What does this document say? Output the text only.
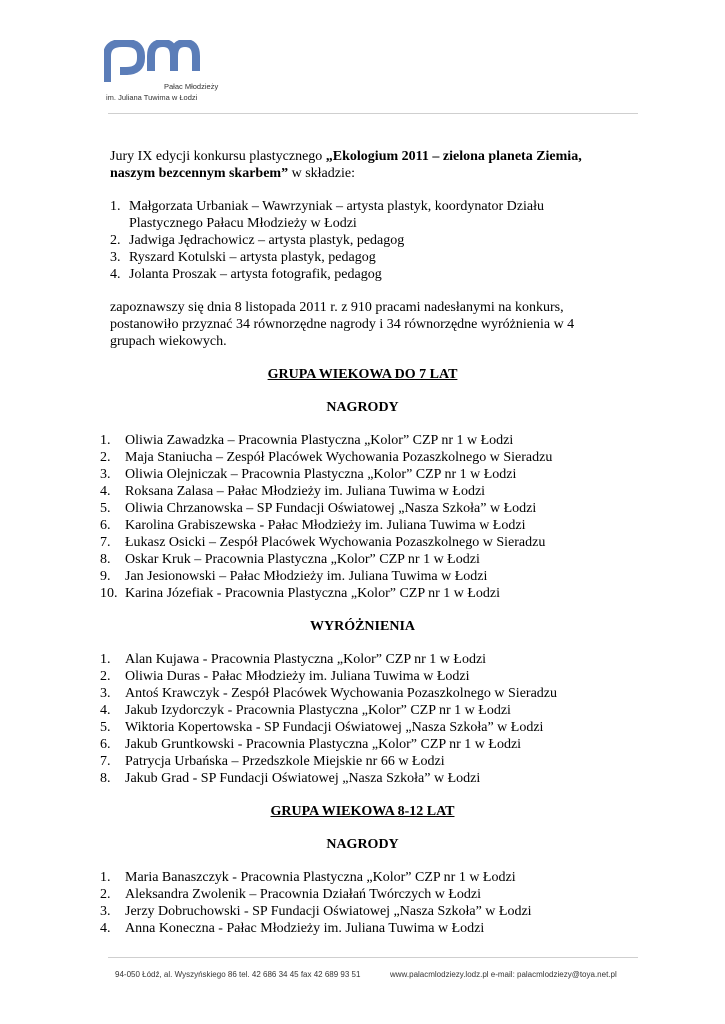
Pałac Młodzieży
im. Juliana Tuwima w Łodzi

Jury IX edycji konkursu plastycznego „Ekologium 2011 – zielona planeta Ziemia, naszym bezcennym skarbem” w składzie:

1. Małgorzata Urbaniak – Wawrzyniak – artysta plastyk, koordynator Działu Plastycznego Pałacu Młodzieży w Łodzi
2. Jadwiga Jędrachowicz – artysta plastyk, pedagog
3. Ryszard Kotulski – artysta plastyk, pedagog
4. Jolanta Proszak – artysta fotografik, pedagog

zapoznawszy się dnia 8 listopada 2011 r. z 910 pracami nadesłanymi na konkurs, postanowiło przyznać 34 równorzędne nagrody i 34 równorzędne wyróżnienia w 4 grupach wiekowych.

GRUPA WIEKOWA DO 7 LAT

NAGRODY

1. Oliwia Zawadzka – Pracownia Plastyczna „Kolor” CZP nr 1 w Łodzi
2. Maja Staniucha – Zespół Placówek Wychowania Pozaszkolnego w Sieradzu
3. Oliwia Olejniczak – Pracownia Plastyczna „Kolor” CZP nr 1 w Łodzi
4. Roksana Zalasa – Pałac Młodzieży im. Juliana Tuwima w Łodzi
5. Oliwia Chrzanowska – SP Fundacji Oświatowej „Nasza Szkoła” w Łodzi
6. Karolina Grabiszewska - Pałac Młodzieży im. Juliana Tuwima w Łodzi
7. Łukasz Osicki – Zespół Placówek Wychowania Pozaszkolnego w Sieradzu
8. Oskar Kruk – Pracownia Plastyczna „Kolor” CZP nr 1 w Łodzi
9. Jan Jesionowski – Pałac Młodzieży im. Juliana Tuwima w Łodzi
10. Karina Józefiak - Pracownia Plastyczna „Kolor” CZP nr 1 w Łodzi

WYRÓŻNIENIA

1. Alan Kujawa - Pracownia Plastyczna „Kolor” CZP nr 1 w Łodzi
2. Oliwia Duras - Pałac Młodzieży im. Juliana Tuwima w Łodzi
3. Antoś Krawczyk - Zespół Placówek Wychowania Pozaszkolnego w Sieradzu
4. Jakub Izydorczyk - Pracownia Plastyczna „Kolor” CZP nr 1 w Łodzi
5. Wiktoria Kopertowska - SP Fundacji Oświatowej „Nasza Szkoła” w Łodzi
6. Jakub Gruntkowski - Pracownia Plastyczna „Kolor” CZP nr 1 w Łodzi
7. Patrycja Urbańska – Przedszkole Miejskie nr 66 w Łodzi
8. Jakub Grad - SP Fundacji Oświatowej „Nasza Szkoła” w Łodzi

GRUPA WIEKOWA 8-12 LAT

NAGRODY

1. Maria Banaszczyk - Pracownia Plastyczna „Kolor” CZP nr 1 w Łodzi
2. Aleksandra Zwolenik – Pracownia Działań Twórczych w Łodzi
3. Jerzy Dobruchowski - SP Fundacji Oświatowej „Nasza Szkoła” w Łodzi
4. Anna Koneczna - Pałac Młodzieży im. Juliana Tuwima w Łodzi
94-050 Łódź, al. Wyszyńskiego 86 tel. 42 686 34 45 fax 42 689 93 51	www.palacmlodziezy.lodz.pl e-mail: palacmlodziezy@toya.net.pl
